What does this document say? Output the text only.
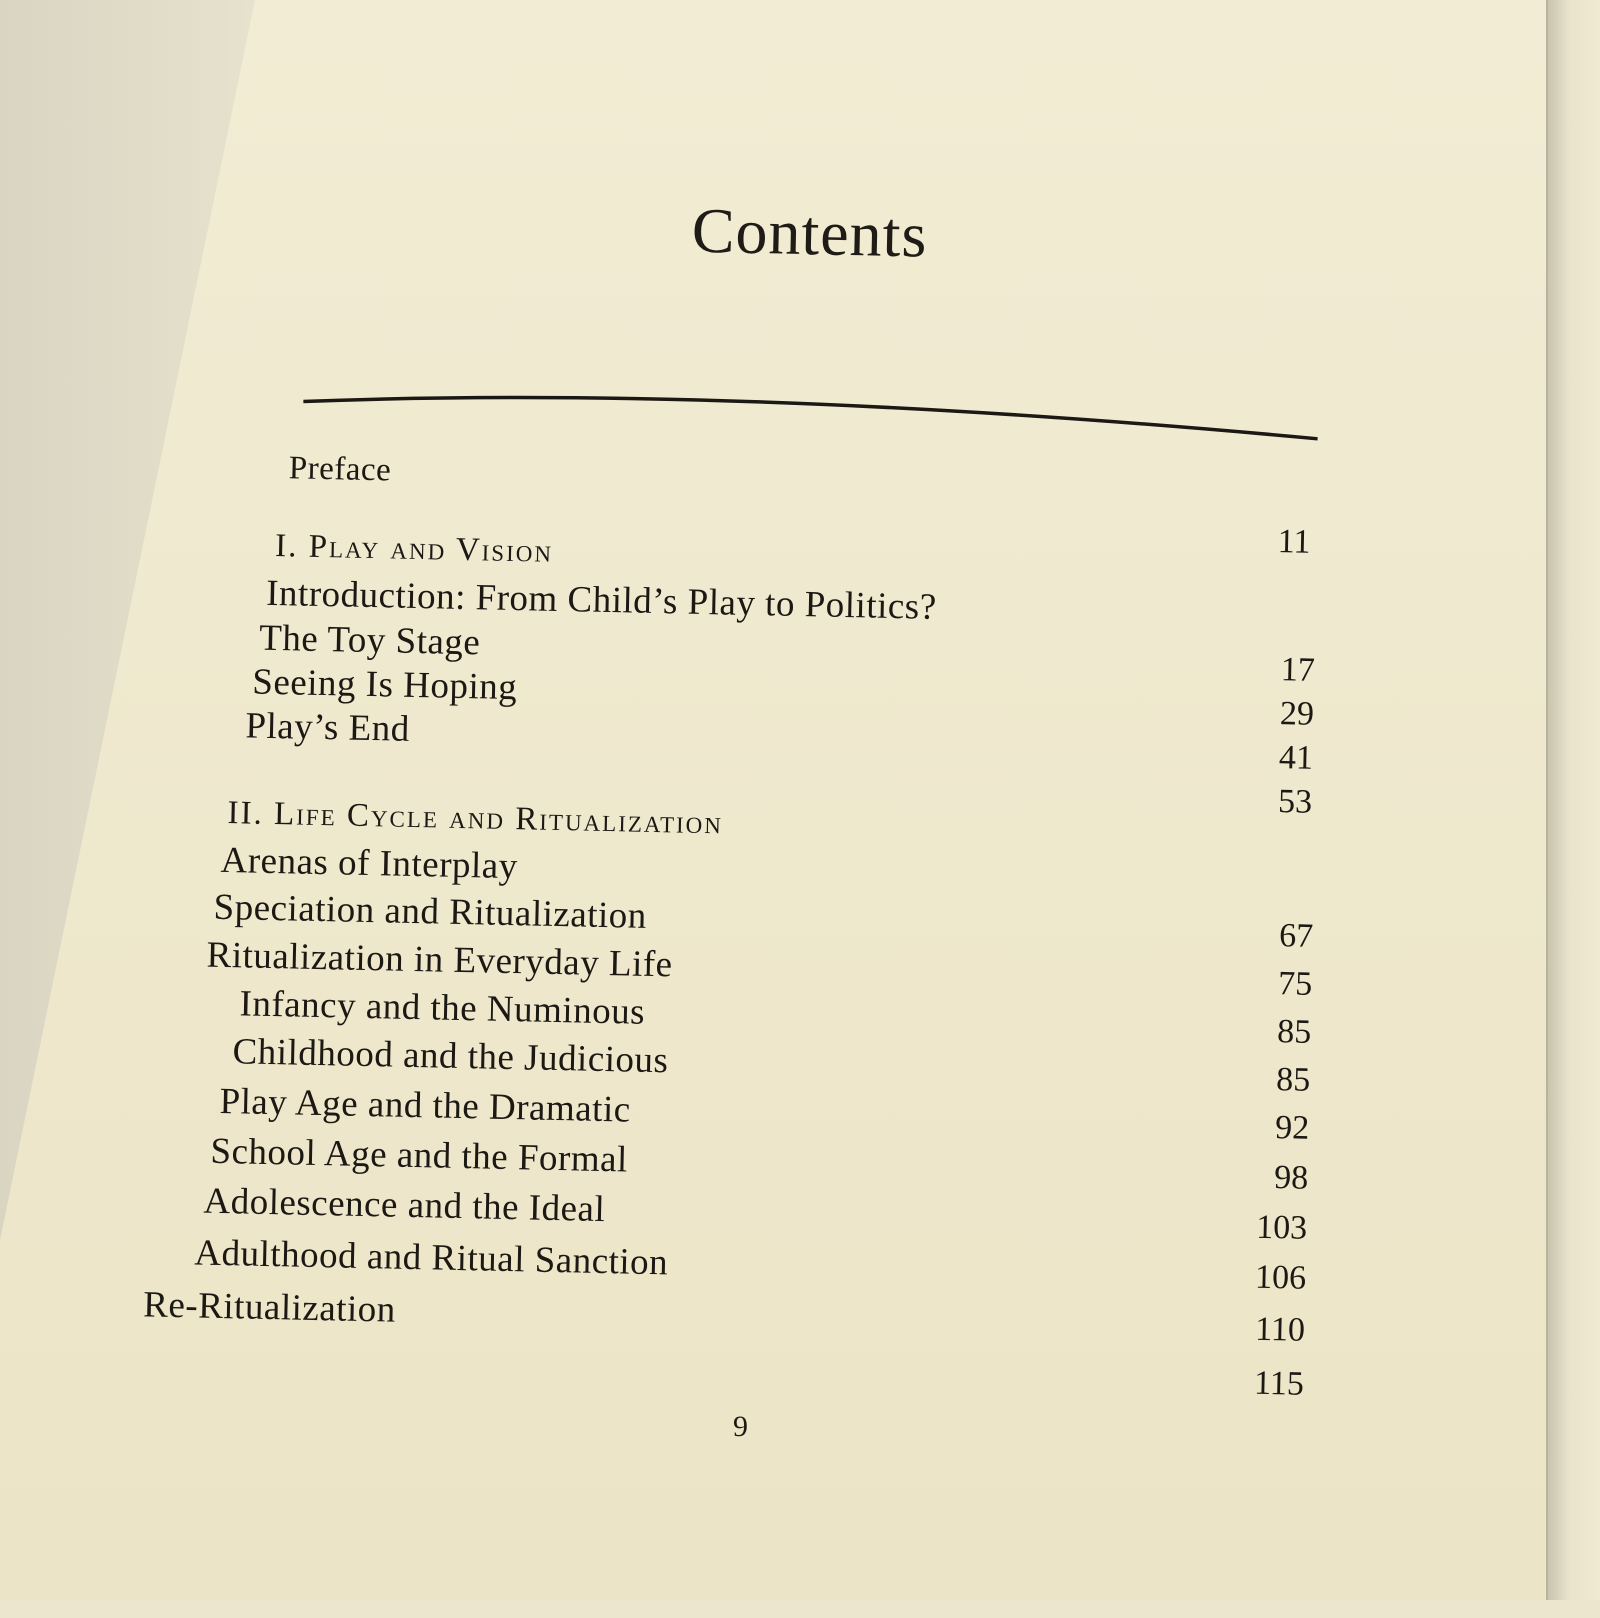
Contents
Preface
11
I. Play and Vision
Introduction: From Child’s Play to Politics?
The Toy Stage
Seeing Is Hoping
Play’s End
17
29
41
53
II. Life Cycle and Ritualization
Arenas of Interplay
Speciation and Ritualization
Ritualization in Everyday Life
Infancy and the Numinous
Childhood and the Judicious
Play Age and the Dramatic
School Age and the Formal
Adolescence and the Ideal
Adulthood and Ritual Sanction
Re-Ritualization
67
75
85
85
92
98
103
106
110
115
9
